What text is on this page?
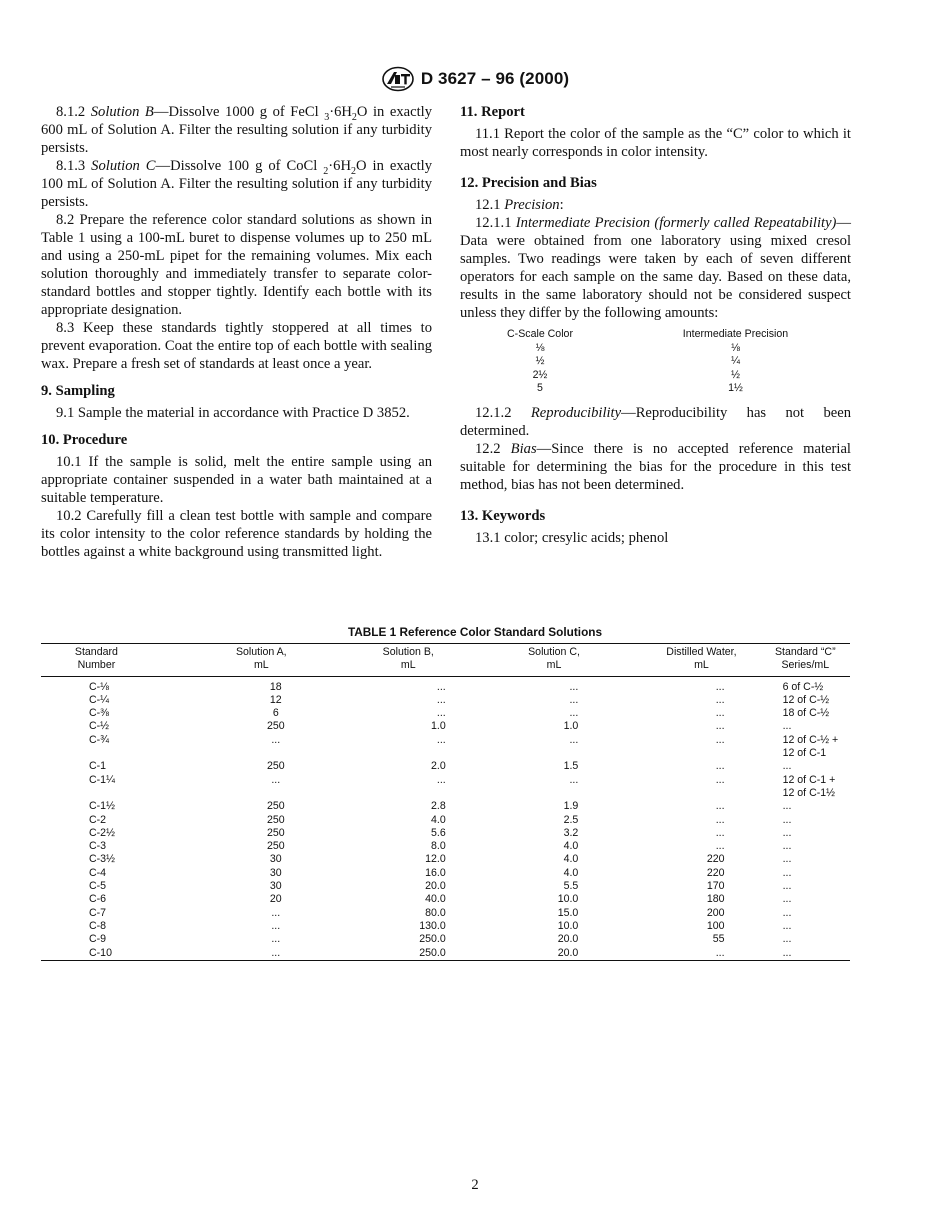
D 3627 – 96 (2000)

8.1.2 Solution B—Dissolve 1000 g of FeCl $_3\cdot 6H_2O$ in exactly 600 mL of Solution A. Filter the resulting solution if any turbidity persists.

8.1.3 Solution C—Dissolve 100 g of CoCl $_2\cdot 6H_2O$ in exactly 100 mL of Solution A. Filter the resulting solution if any turbidity persists.

8.2 Prepare the reference color standard solutions as shown in Table 1 using a 100-mL buret to dispense volumes up to 250 mL and using a 250-mL pipet for the remaining volumes. Mix each solution thoroughly and immediately transfer to separate color-standard bottles and stopper tightly. Identify each bottle with its appropriate designation.

8.3 Keep these standards tightly stoppered at all times to prevent evaporation. Coat the entire top of each bottle with sealing wax. Prepare a fresh set of standards at least once a year.

9. Sampling

9.1 Sample the material in accordance with Practice D 3852.

10. Procedure

10.1 If the sample is solid, melt the entire sample using an appropriate container suspended in a water bath maintained at a suitable temperature.

10.2 Carefully fill a clean test bottle with sample and compare its color intensity to the color reference standards by holding the bottles against a white background using transmitted light.

11. Report

11.1 Report the color of the sample as the “C” color to which it most nearly corresponds in color intensity.

12. Precision and Bias

12.1 Precision:

12.1.1 Intermediate Precision (formerly called Repeatability)—Data were obtained from one laboratory using mixed cresol samples. Two readings were taken by each of seven different operators for each sample on the same day. Based on these data, results in the same laboratory should not be considered suspect unless they differ by the following amounts:

C-Scale Color	Intermediate Precision
⅛	⅛
½	¼
2½	½
5	1½

12.1.2 Reproducibility—Reproducibility has not been determined.

12.2 Bias—Since there is no accepted reference material suitable for determining the bias for the procedure in this test method, bias has not been determined.

13. Keywords

13.1 color; cresylic acids; phenol

TABLE 1 Reference Color Standard Solutions
Standard
Number	Solution A,
mL	Solution B,
mL	Solution C,
mL	Distilled Water,
mL	Standard “C”
Series/mL
C-⅛	18	...	...	...	6 of C-½

C-¼	12	...	...	...	12 of C-½

C-⅜	6	...	...	...	18 of C-½

C-½	250	1.0	1.0	...	...

C-¾	...	...	...	...	12 of C-½ +
12 of C-1

C-1	250	2.0	1.5	...	...

C-1¼	...	...	...	...	12 of C-1 +
12 of C-1½

C-1½	250	2.8	1.9	...	...

C-2	250	4.0	2.5	...	...

C-2½	250	5.6	3.2	...	...

C-3	250	8.0	4.0	...	...

C-3½	30	12.0	4.0	220	...

C-4	30	16.0	4.0	220	...

C-5	30	20.0	5.5	170	...

C-6	20	40.0	10.0	180	...

C-7	...	80.0	15.0	200	...

C-8	...	130.0	10.0	100	...

C-9	...	250.0	20.0	55	...

C-10	...	250.0	20.0	...	...
2
